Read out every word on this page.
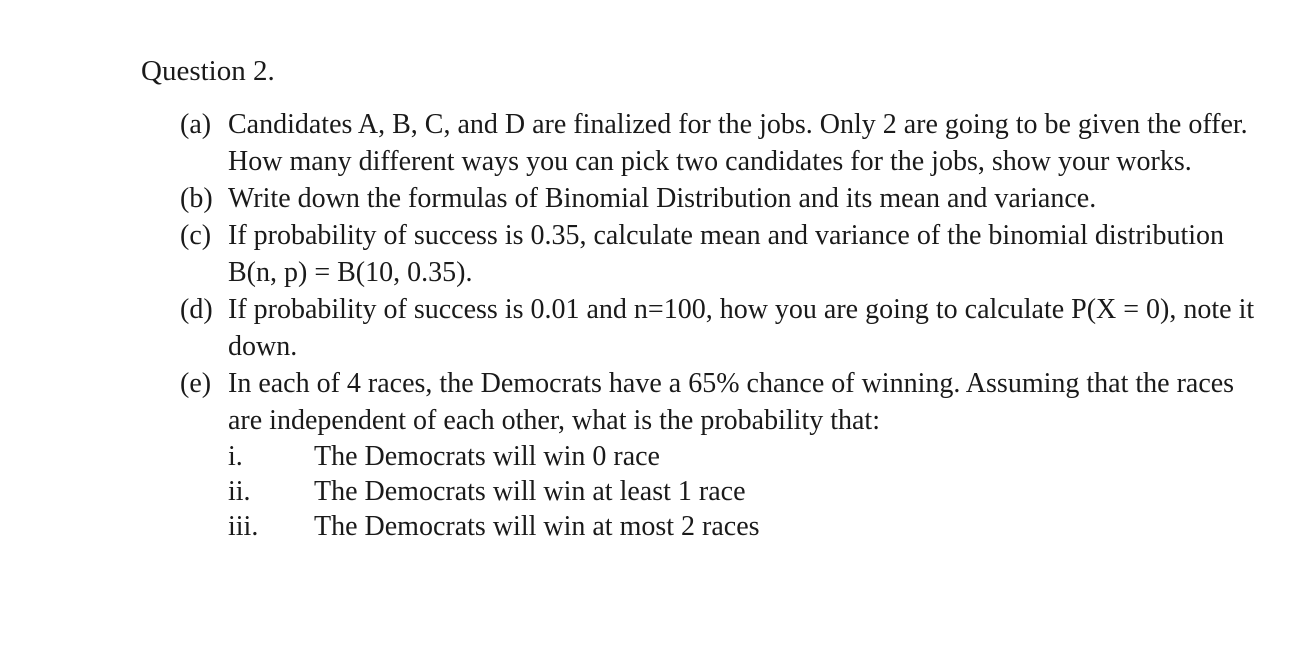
Question 2.
(a) Candidates A, B, C, and D are finalized for the jobs. Only 2 are going to be given the offer. How many different ways you can pick two candidates for the jobs, show your works.
(b) Write down the formulas of Binomial Distribution and its mean and variance.
(c) If probability of success is 0.35, calculate mean and variance of the binomial distribution B(n, p) = B(10, 0.35).
(d) If probability of success is 0.01 and n=100, how you are going to calculate P(X = 0), note it down.
(e) In each of 4 races, the Democrats have a 65% chance of winning. Assuming that the races are independent of each other, what is the probability that:
i.	The Democrats will win 0 race
ii. The Democrats will win at least 1 race
iii. The Democrats will win at most 2 races
